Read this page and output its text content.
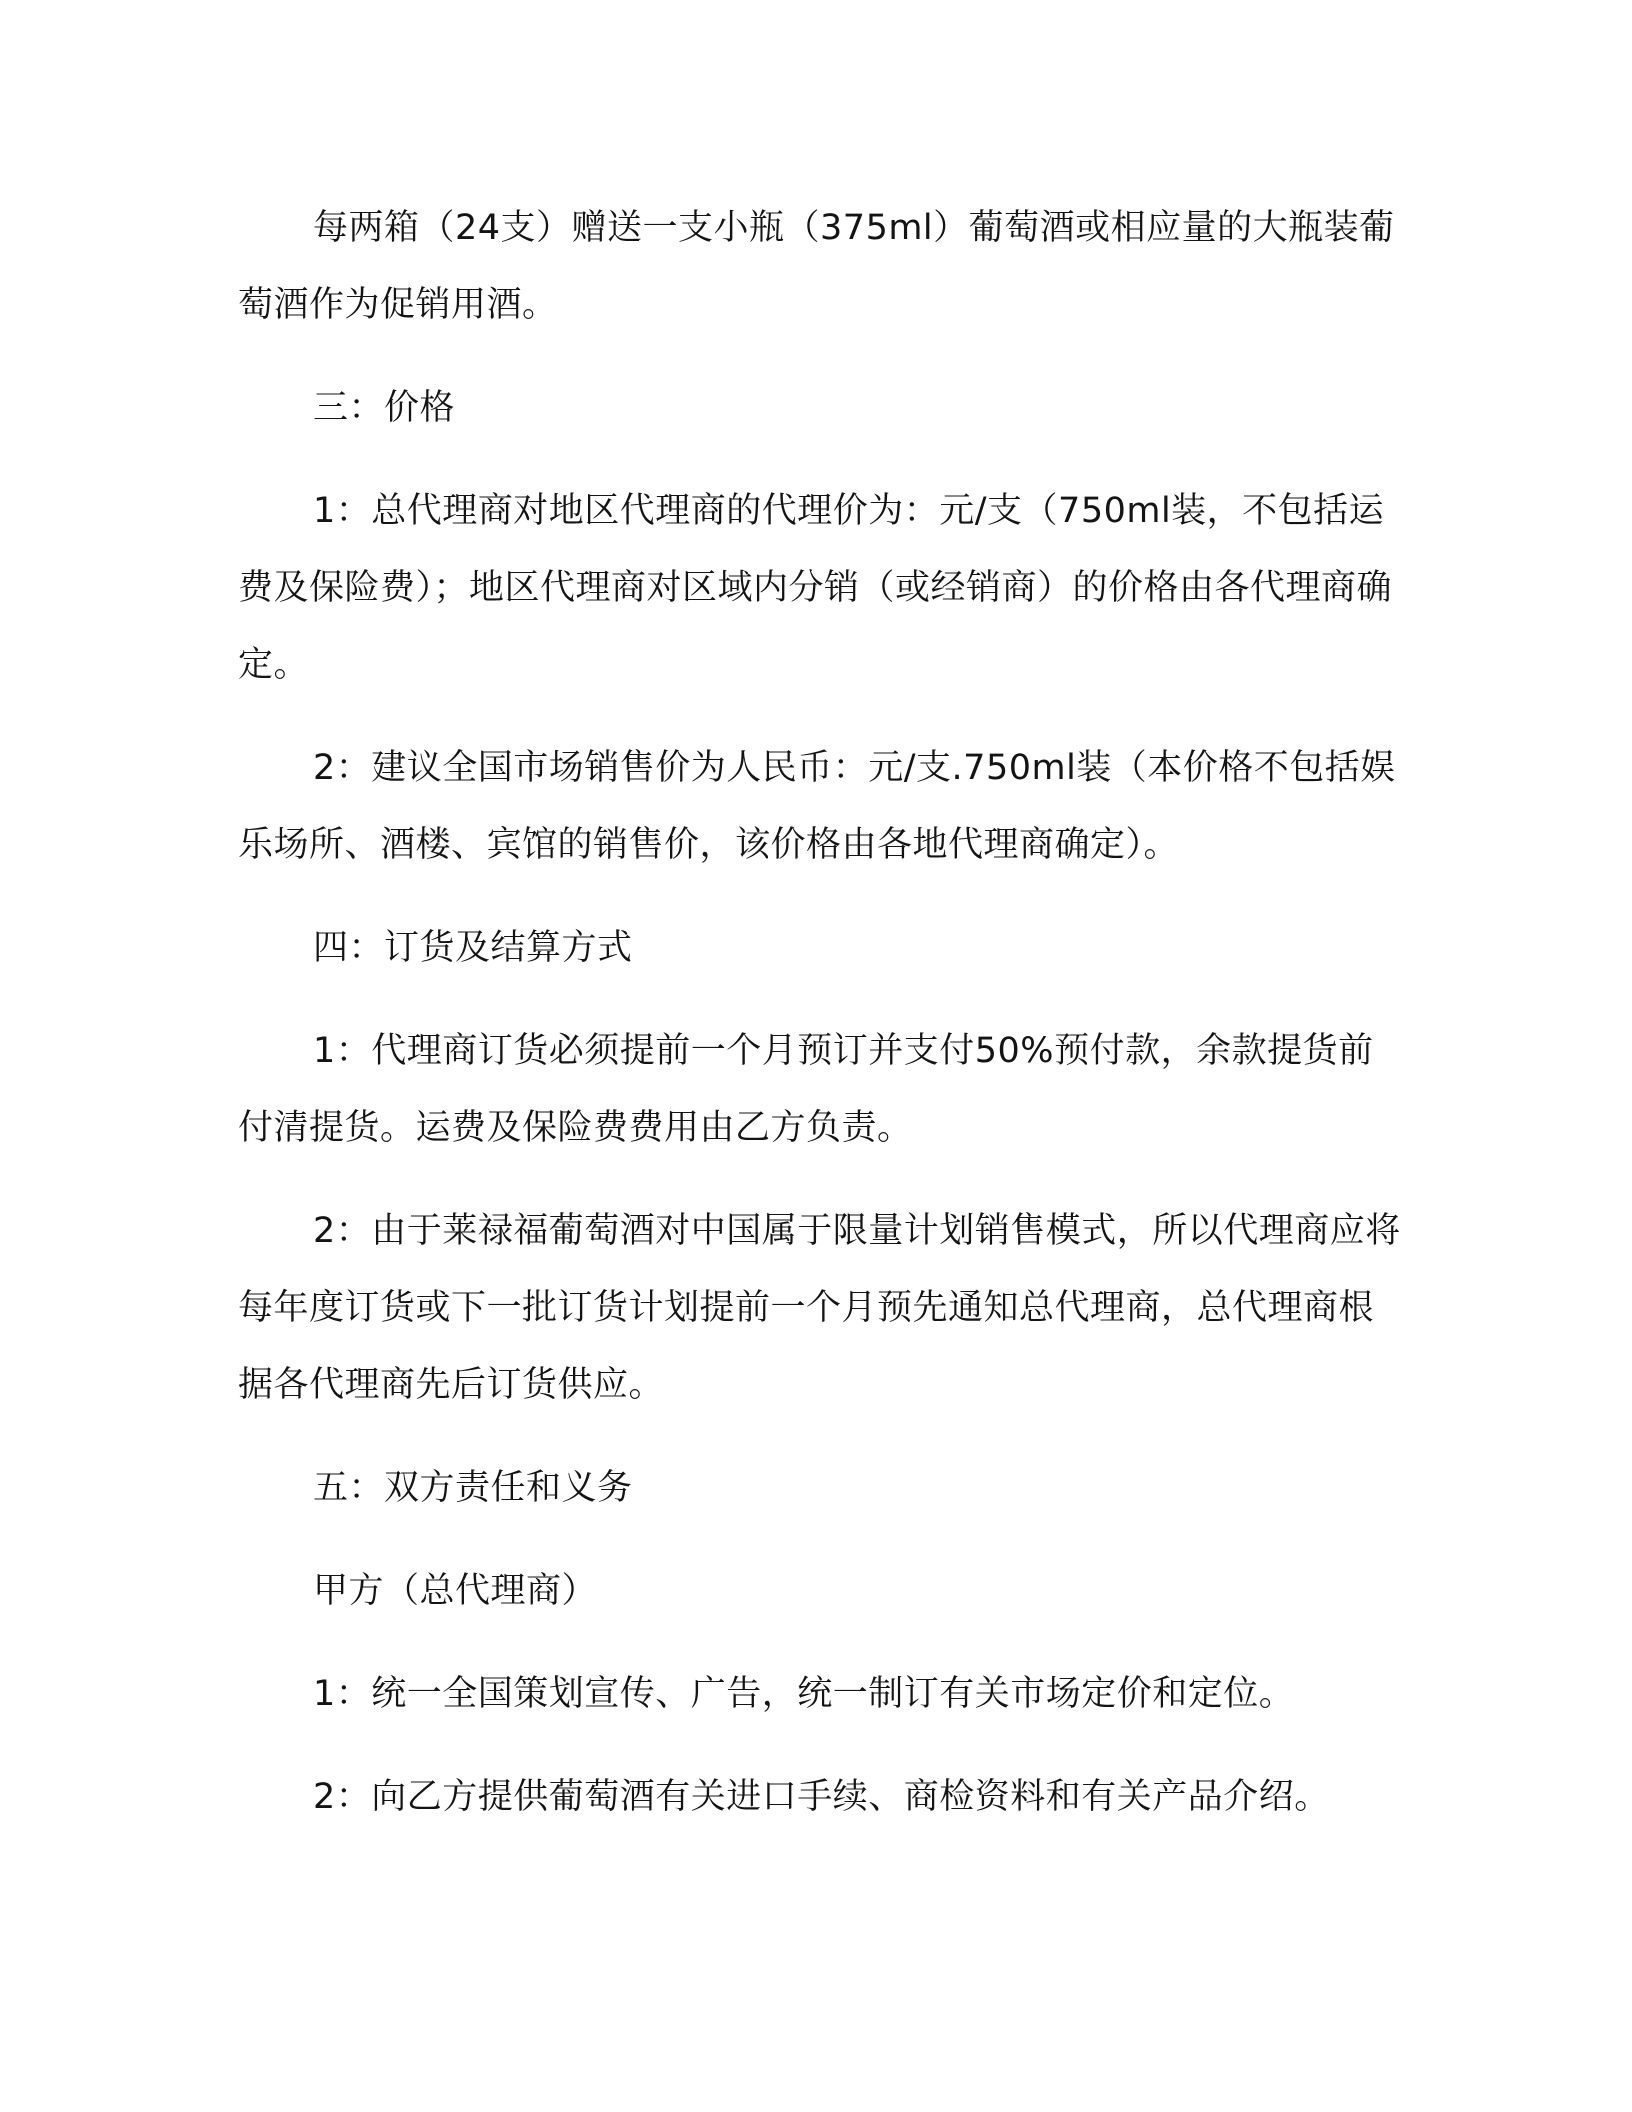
每两箱（24支）赠送一支小瓶（375ml）葡萄酒或相应量的大瓶装葡萄酒作为促销用酒。

三：价格

1：总代理商对地区代理商的代理价为：元/支（750ml装，不包括运费及保险费）；地区代理商对区域内分销（或经销商）的价格由各代理商确定。

2：建议全国市场销售价为人民币：元/支.750ml装（本价格不包括娱乐场所、酒楼、宾馆的销售价，该价格由各地代理商确定）。

四：订货及结算方式

1：代理商订货必须提前一个月预订并支付50%预付款，余款提货前付清提货。运费及保险费费用由乙方负责。

2：由于莱禄福葡萄酒对中国属于限量计划销售模式，所以代理商应将每年度订货或下一批订货计划提前一个月预先通知总代理商，总代理商根据各代理商先后订货供应。

五：双方责任和义务

甲方（总代理商）

1：统一全国策划宣传、广告，统一制订有关市场定价和定位。

2：向乙方提供葡萄酒有关进口手续、商检资料和有关产品介绍。
